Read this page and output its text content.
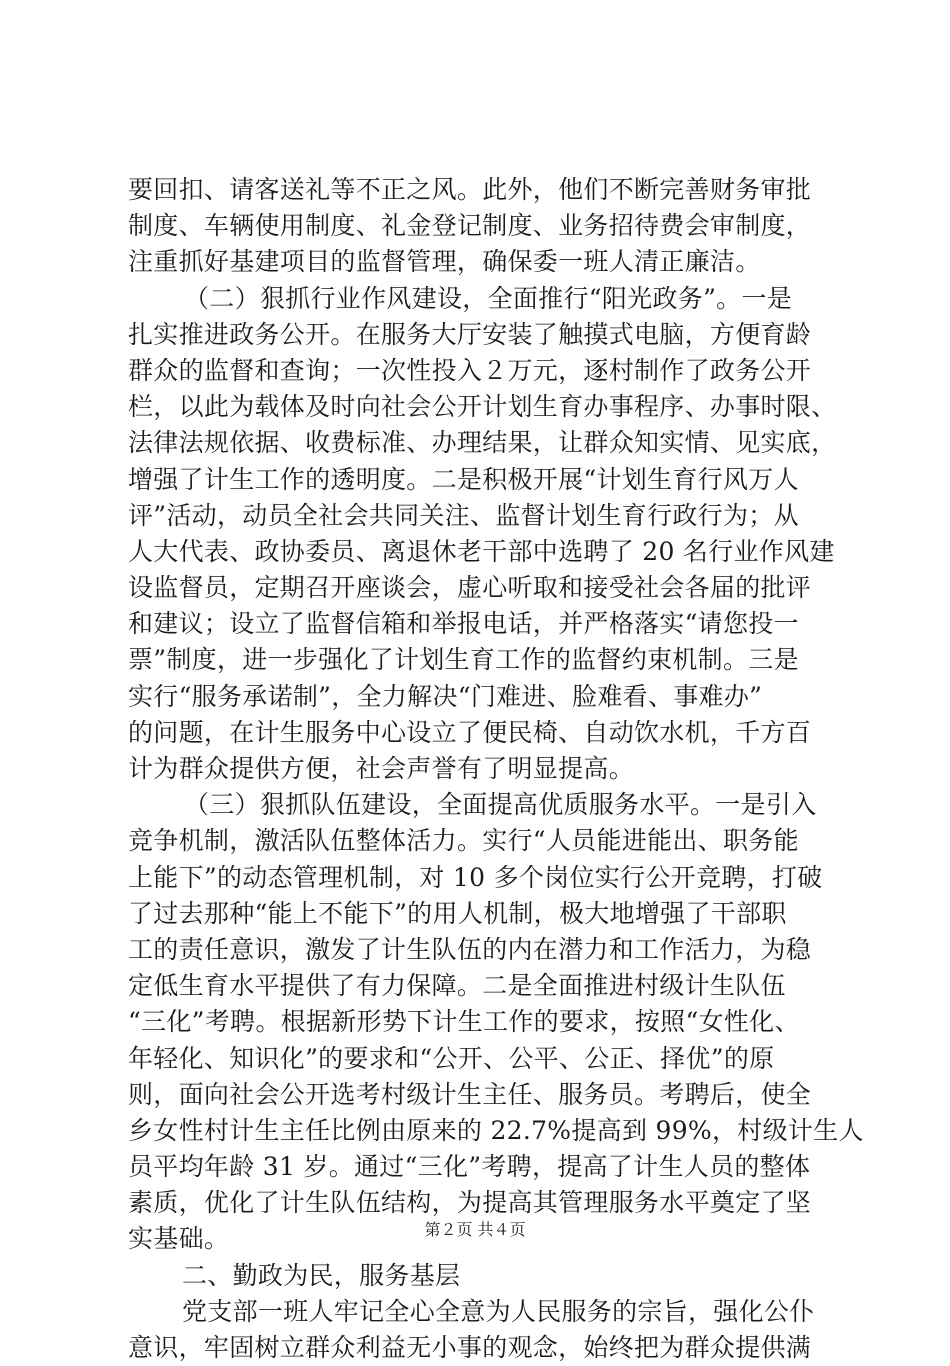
要回扣、请客送礼等不正之风。此外，他们不断完善财务审批
制度、车辆使用制度、礼金登记制度、业务招待费会审制度，
注重抓好基建项目的监督管理，确保委一班人清正廉洁。
（二）狠抓行业作风建设，全面推行“阳光政务”。一是
扎实推进政务公开。在服务大厅安装了触摸式电脑，方便育龄
群众的监督和查询；一次性投入２万元，逐村制作了政务公开
栏，以此为载体及时向社会公开计划生育办事程序、办事时限、
法律法规依据、收费标准、办理结果，让群众知实情、见实底，
增强了计生工作的透明度。二是积极开展“计划生育行风万人
评”活动，动员全社会共同关注、监督计划生育行政行为；从
人大代表、政协委员、离退休老干部中选聘了 20 名行业作风建
设监督员，定期召开座谈会，虚心听取和接受社会各届的批评
和建议；设立了监督信箱和举报电话，并严格落实“请您投一
票”制度，进一步强化了计划生育工作的监督约束机制。三是
实行“服务承诺制”，全力解决“门难进、脸难看、事难办”
的问题，在计生服务中心设立了便民椅、自动饮水机，千方百
计为群众提供方便，社会声誉有了明显提高。
（三）狠抓队伍建设，全面提高优质服务水平。一是引入
竞争机制，激活队伍整体活力。实行“人员能进能出、职务能
上能下”的动态管理机制，对 10 多个岗位实行公开竞聘，打破
了过去那种“能上不能下”的用人机制，极大地增强了干部职
工的责任意识，激发了计生队伍的内在潜力和工作活力，为稳
定低生育水平提供了有力保障。二是全面推进村级计生队伍
“三化”考聘。根据新形势下计生工作的要求，按照“女性化、
年轻化、知识化”的要求和“公开、公平、公正、择优”的原
则，面向社会公开选考村级计生主任、服务员。考聘后，使全
乡女性村计生主任比例由原来的 22.7%提高到 99%，村级计生人
员平均年龄 31 岁。通过“三化”考聘，提高了计生人员的整体
素质，优化了计生队伍结构，为提高其管理服务水平奠定了坚
实基础。
二、勤政为民，服务基层
党支部一班人牢记全心全意为人民服务的宗旨，强化公仆
意识，牢固树立群众利益无小事的观念，始终把为群众提供满
第２页 共４页
